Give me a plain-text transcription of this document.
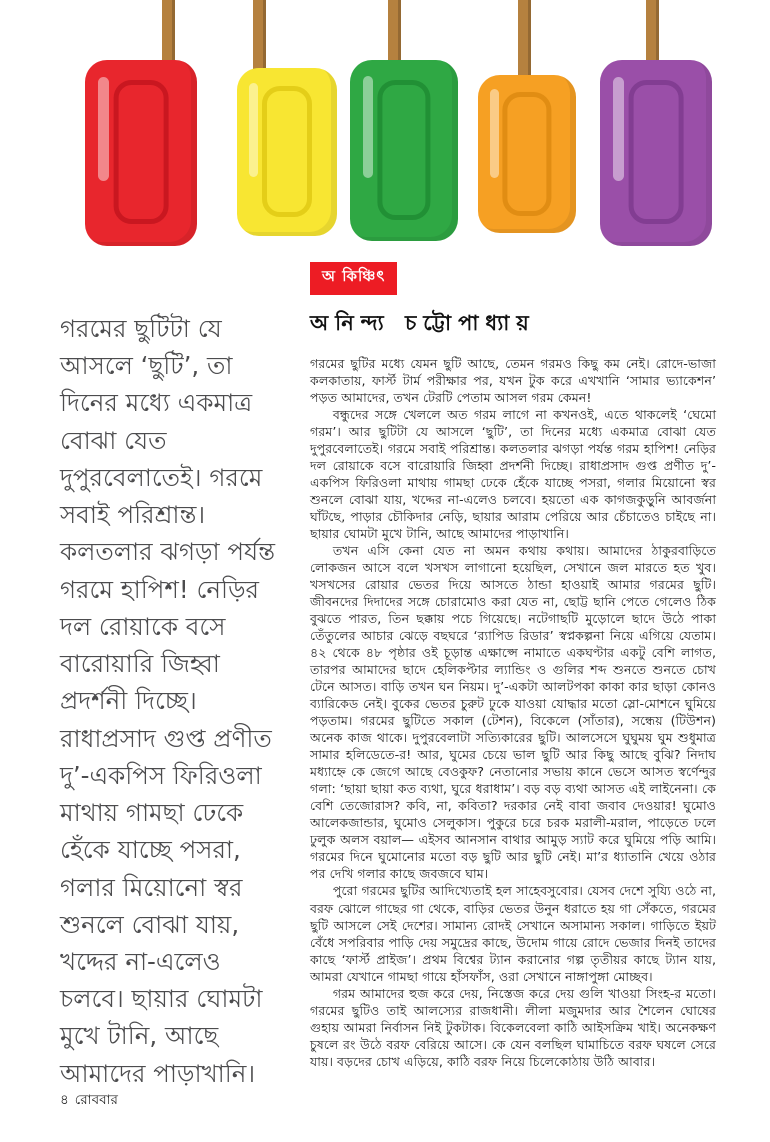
গরমের ছুটিটা যে আসলে ‘ছুটি’, তা দিনের মধ্যে একমাত্র বোঝা যেত দুপুরবেলাতেই। গরমে সবাই পরিশ্রান্ত। কলতলার ঝগড়া পর্যন্ত গরমে হাপিশ! নেড়ির দল রোয়াকে বসে বারোয়ারি জিহ্বা প্রদর্শনী দিচ্ছে। রাধাপ্রসাদ গুপ্ত প্রণীত দু’-একপিস ফিরিওলা মাথায় গামছা ঢেকে হেঁকে যাচ্ছে পসরা, গলার মিয়োনো স্বর শুনলে বোঝা যায়, খদ্দের না-এলেও চলবে। ছায়ার ঘোমটা মুখে টানি, আছে আমাদের পাড়াখানি।
অ কিঞ্চিৎ
অনিন্দ্য চট্টোপাধ্যায়

গরমের ছুটির মধ্যে যেমন ছুটি আছে, তেমন গরমও কিছু কম নেই। রোদে-ভাজা কলকাতায়, ফার্স্ট টার্ম পরীক্ষার পর, যখন টুক করে এখখানি ‘সামার ভ্যাকেশন’ পড়ত আমাদের, তখন টেরটি পেতাম আসল গরম কেমন!

বন্ধুদের সঙ্গে খেললে অত গরম লাগে না কখনওই, এতে থাকলেই ‘ঘেমো গরম’। আর ছুটিটা যে আসলে ‘ছুটি’, তা দিনের মধ্যে একমাত্র বোঝা যেত দুপুরবেলাতেই। গরমে সবাই পরিশ্রান্ত। কলতলার ঝগড়া পর্যন্ত গরম হাপিশ! নেড়ির দল রোয়াকে বসে বারোয়ারি জিহ্বা প্রদর্শনী দিচ্ছে। রাধাপ্রসাদ গুপ্ত প্রণীত দু’-একপিস ফিরিওলা মাথায় গামছা ঢেকে হেঁকে যাচ্ছে পসরা, গলার মিয়োনো স্বর শুনলে বোঝা যায়, খদ্দের না-এলেও চলবে। হয়তো এক কাগজকুড়ুনি আবর্জনা ঘাঁটছে, পাড়ার চৌকিদার নেড়ি, ছায়ার আরাম পেরিয়ে আর চেঁচাতেও চাইছে না। ছায়ার ঘোমটা মুখে টানি, আছে আমাদের পাড়াখানি।

তখন এসি কেনা যেত না অমন কথায় কথায়। আমাদের ঠাকুরবাড়িতে লোকজন আসে বলে খসখস লাগানো হয়েছিল, সেখানে জল মারতে হত খুব। খসখসের রোয়ার ভেতর দিয়ে আসতে ঠান্ডা হাওয়াই আমার গরমের ছুটি। জীবনদের দিদাদের সঙ্গে চোরামোও করা যেত না, ছোট্ট ছানি পেতে গেলেও ঠিক বুঝতে পারত, তিন ছক্কায় পচে গিয়েছে। নটেগাছটি মুড়োলে ছাদে উঠে পাকা তেঁতুলের আচার ঝেড়ে বছঘরে ‘র‍্যাপিড রিডার’ স্বপ্নকল্পনা নিয়ে এগিয়ে যেতাম। ৪২ থেকে ৪৮ পৃষ্ঠার ওই চূড়ান্ত এক্ষাপ্সে নামাতে একঘণ্টার একটু বেশি লাগত, তারপর আমাদের ছাদে হেলিকপ্টার ল্যান্ডিং ও গুলির শব্দ শুনতে শুনতে চোখ টেনে আসত। বাড়ি তখন ঘন নিয়ম। দু’-একটা আলটপকা কাকা কার ছাড়া কোনও ব্যারিকেড নেই। বুকের ভেতর চুরুট ঢুকে যাওয়া যোদ্ধার মতো স্লো-মোশনে ঘুমিয়ে পড়তাম। গরমের ছুটিতে সকাল (টেশন), বিকেলে (সাঁতার), সন্ধেয় (টিউশন) অনেক কাজ থাকে। দুপুরবেলাটা সত্যিকারের ছুটি। আলসেসে ঘুঘুময় ঘুম শুধুমাত্র সামার হলিডেতে-র! আর, ঘুমের চেয়ে ভাল ছুটি আর কিছু আছে বুঝি? নিদাঘ মধ্যাহ্নে কে জেগে আছে বেওকুফ? নেতানোর সভায় কানে ভেসে আসত স্বর্ণেন্দুর গলা: ‘ছায়া ছায়া কত ব্যথা, ঘুরে ধরাধাম’। বড় বড় ব্যথা আসত এই লাইনেনা। কে বেশি তেজোরাস? কবি, না, কবিতা? দরকার নেই বাবা জবাব দেওয়ার! ঘুমোও আলেকজান্ডার, ঘুমোও সেলুকাস। পুকুরে চরে চরক মরালী-মরাল, পাড়েতে ঢলে ঢুলুক অলস বয়াল— এইসব আনসান বাথার আমুড় স্যাট করে ঘুমিয়ে পড়ি আমি। গরমের দিনে ঘুমোনোর মতো বড় ছুটি আর ছুটি নেই। মা’র ধ্যাতানি খেয়ে ওঠার পর দেখি গলার কাছে জবজবে ঘাম।

পুরো গরমের ছুটির আদিখ্যেতাই হল সাহেবসুবোর। যেসব দেশে সুয্যি ওঠে না, বরফ ঝোলে গাছের গা থেকে, বাড়ির ভেতর উনুন ধরাতে হয় গা সেঁকতে, গরমের ছুটি আসলে সেই দেশের। সামান্য রোদই সেখানে অসামান্য সকাল। গাড়িতে ইয়ট বেঁধে সপরিবার পাড়ি দেয় সমুদ্রের কাছে, উদোম গায়ে রোদে ভেজার দিনই তাদের কাছে ‘ফার্স্ট প্রাইজ’। প্রথম বিশ্বের ট্যান করানোর গল্প তৃতীয়র কাছে ট্যান যায়, আমরা যেখানে গামছা গায়ে হাঁসফাঁস, ওরা সেখানে নাঙ্গাপুঙ্গা মোচ্ছব।

গরম আমাদের হুজ করে দেয়, নিস্তেজ করে দেয় গুলি খাওয়া সিংহ-র মতো। গরমের ছুটিও তাই আলস্যের রাজধানী। লীলা মজুমদার আর শৈলেন ঘোষের গুহায় আমরা নির্বাসন নিই টুকটাক। বিকেলবেলা কাঠি আইসক্রিম খাই। অনেকক্ষণ চুষলে রং উঠে বরফ বেরিয়ে আসে। কে যেন বলছিল ঘামাচিতে বরফ ঘষলে সেরে যায়। বড়দের চোখ এড়িয়ে, কাঠি বরফ নিয়ে চিলেকোঠায় উঠি আবার।

৪ রোববার
